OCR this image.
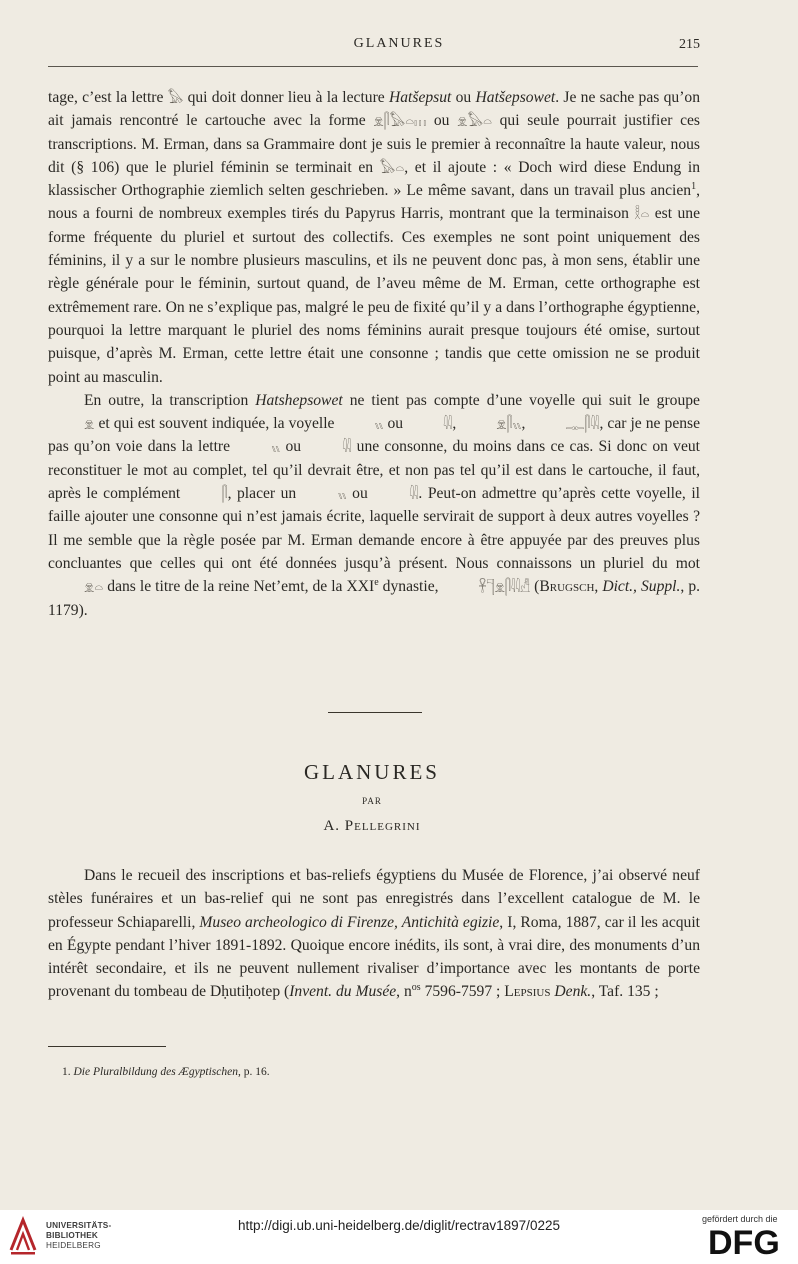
GLANURES	215

tage, c’est la lettre 𓅃 qui doit donner lieu à la lecture Hatšepsut ou Hatšepsowet. Je ne sache pas qu’on ait jamais rencontré le cartouche avec la forme 𓁷𓋴𓅃𓏏𓏥 ou 𓁷𓅃𓏏 qui seule pourrait justifier ces transcriptions. M. Erman, dans sa Grammaire dont je suis le premier à reconnaître la haute valeur, nous dit (§ 106) que le pluriel féminin se terminait en 𓅃𓏏, et il ajoute : « Doch wird diese Endung in klassischer Orthographie ziemlich selten geschrieben. » Le même savant, dans un travail plus ancien$^1$, nous a fourni de nombreux exemples tirés du Papyrus Harris, montrant que la terminaison 𓎛𓏏 est une forme fréquente du pluriel et surtout des collectifs. Ces exemples ne sont point uniquement des féminins, il y a sur le nombre plusieurs masculins, et ils ne peuvent donc pas, à mon sens, établir une règle générale pour le féminin, surtout quand, de l’aveu même de M. Erman, cette orthographe est extrêmement rare. On ne s’explique pas, malgré le peu de fixité qu’il y a dans l’orthographe égyptienne, pourquoi la lettre marquant le pluriel des noms féminins aurait presque toujours été omise, surtout puisque, d’après M. Erman, cette lettre était une consonne ; tandis que cette omission ne se produit point au masculin.

En outre, la transcription Hatshepsowet ne tient pas compte d’une voyelle qui suit le groupe 𓁷 et qui est souvent indiquée, la voyelle	𓏭 ou	𓇌,	𓁷𓋴𓏭,	𓊃𓋴𓇌, car je ne pense pas qu’on voie dans la lettre	𓏭 ou	𓇌 une consonne, du moins dans ce cas. Si donc on veut reconstituer le mot au complet, tel qu’il devrait être, et non pas tel qu’il est dans le cartouche, il faut, après le complément	𓋴, placer un	𓏭 ou	𓇌. Peut-on admettre qu’après cette voyelle, il faille ajouter une consonne qui n’est jamais écrite, laquelle servirait de support à deux autres voyelles ? Il me semble que la règle posée par M. Erman demande encore à être appuyée par des preuves plus concluantes que celles qui ont été données jusqu’à présent. Nous connaissons un pluriel du mot 𓁷𓏏 dans le titre de la reine Net’emt, de la XXIe dynastie,	𓋹𓊹𓁷𓋴𓇌𓀭 (Brugsch, Dict., Suppl., p. 1179).

GLANURES
PAR
A. Pellegrini

Dans le recueil des inscriptions et bas-reliefs égyptiens du Musée de Florence, j’ai observé neuf stèles funéraires et un bas-relief qui ne sont pas enregistrés dans l’excellent catalogue de M. le professeur Schiaparelli, Museo archeologico di Firenze, Antichità egizie, I, Roma, 1887, car il les acquit en Égypte pendant l’hiver 1891-1892. Quoique encore inédits, ils sont, à vrai dire, des monuments d’un intérêt secondaire, et ils ne peuvent nullement rivaliser d’importance avec les montants de porte provenant du tombeau de Dḥutiḥotep (Invent. du Musée, $n^{os}$ 7596-7597 ; Lepsius Denk., Taf. 135 ;

1. Die Pluralbildung des Ægyptischen, p. 16.
UNIVERSITÄTS-
BIBLIOTHEK
HEIDELBERG
http://digi.ub.uni-heidelberg.de/diglit/rectrav1897/0225	gefördert durch die
DFG
